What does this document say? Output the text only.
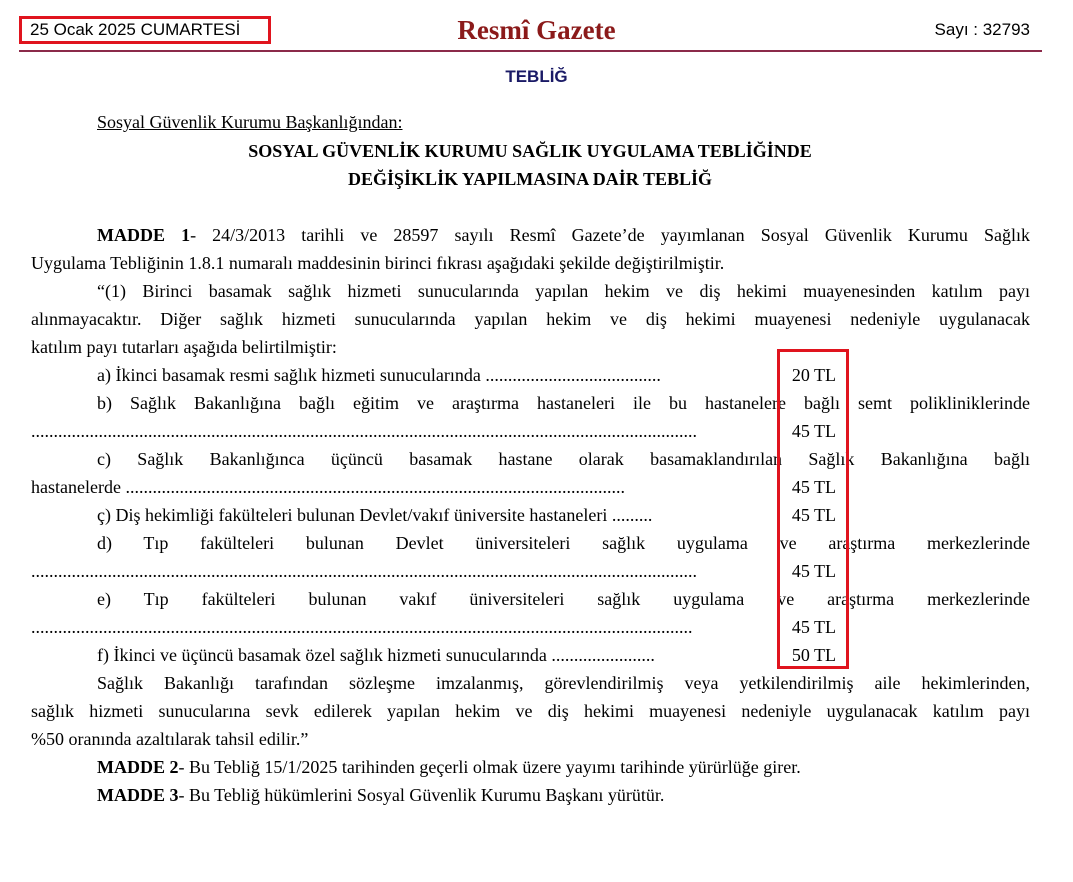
25 Ocak 2025 CUMARTESİ	Resmî Gazete	Sayı : 32793
TEBLİĞ
Sosyal Güvenlik Kurumu Başkanlığından:
SOSYAL GÜVENLİK KURUMU SAĞLIK UYGULAMA TEBLİĞİNDE
DEĞİŞİKLİK YAPILMASINA DAİR TEBLİĞ
MADDE 1- 24/3/2013 tarihli ve 28597 sayılı Resmî Gazete’de yayımlanan Sosyal Güvenlik Kurumu Sağlık
Uygulama Tebliğinin 1.8.1 numaralı maddesinin birinci fıkrası aşağıdaki şekilde değiştirilmiştir.
“(1) Birinci basamak sağlık hizmeti sunucularında yapılan hekim ve diş hekimi muayenesinden katılım payı
alınmayacaktır. Diğer sağlık hizmeti sunucularında yapılan hekim ve diş hekimi muayenesi nedeniyle uygulanacak
katılım payı tutarları aşağıda belirtilmiştir:
a) İkinci basamak resmi sağlık hizmeti sunucularında .......................................	20 TL
b) Sağlık Bakanlığına bağlı eğitim ve araştırma hastaneleri ile bu hastanelere bağlı semt polikliniklerinde
....................................................................................................................................................	45 TL
c) Sağlık Bakanlığınca üçüncü basamak hastane olarak basamaklandırılan Sağlık Bakanlığına bağlı
hastanelerde ...............................................................................................................	45 TL
ç) Diş hekimliği fakülteleri bulunan Devlet/vakıf üniversite hastaneleri .........	45 TL
d) Tıp fakülteleri bulunan Devlet üniversiteleri sağlık uygulama ve araştırma merkezlerinde
....................................................................................................................................................	45 TL
e) Tıp fakülteleri bulunan vakıf üniversiteleri sağlık uygulama ve araştırma merkezlerinde
...................................................................................................................................................	45 TL
f) İkinci ve üçüncü basamak özel sağlık hizmeti sunucularında .......................	50 TL
Sağlık Bakanlığı tarafından sözleşme imzalanmış, görevlendirilmiş veya yetkilendirilmiş aile hekimlerinden,
sağlık hizmeti sunucularına sevk edilerek yapılan hekim ve diş hekimi muayenesi nedeniyle uygulanacak katılım payı
%50 oranında azaltılarak tahsil edilir.”
MADDE 2- Bu Tebliğ 15/1/2025 tarihinden geçerli olmak üzere yayımı tarihinde yürürlüğe girer.
MADDE 3- Bu Tebliğ hükümlerini Sosyal Güvenlik Kurumu Başkanı yürütür.
